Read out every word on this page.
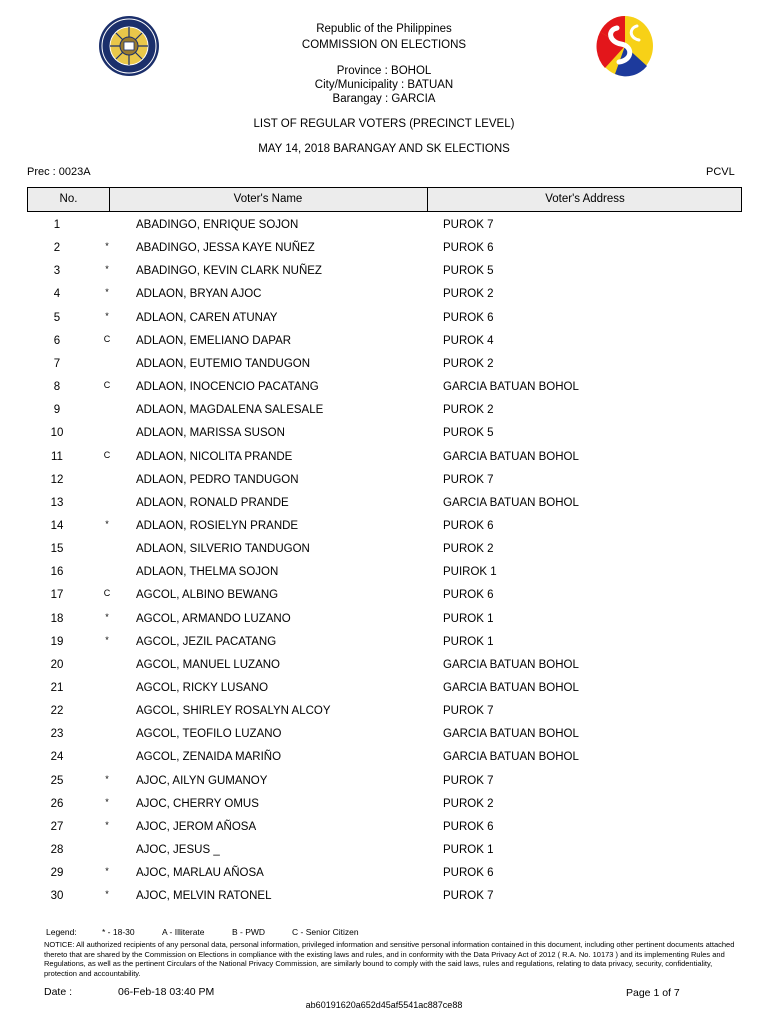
Republic of the Philippines
COMMISSION ON ELECTIONS
Province : BOHOL
City/Municipality : BATUAN
Barangay : GARCIA
LIST OF REGULAR VOTERS (PRECINCT LEVEL)
MAY 14, 2018 BARANGAY AND SK ELECTIONS
Prec : 0023A	PCVL
No.	Voter's Name	Voter's Address
1	ABADINGO, ENRIQUE SOJON	PUROK 7
2	*	ABADINGO, JESSA KAYE NUÑEZ	PUROK 6
3	*	ABADINGO, KEVIN CLARK NUÑEZ	PUROK 5
4	*	ADLAON, BRYAN AJOC	PUROK 2
5	*	ADLAON, CAREN ATUNAY	PUROK 6
6	C	ADLAON, EMELIANO DAPAR	PUROK 4
7	ADLAON, EUTEMIO TANDUGON	PUROK 2
8	C	ADLAON, INOCENCIO PACATANG	GARCIA BATUAN BOHOL
9	ADLAON, MAGDALENA SALESALE	PUROK 2
10	ADLAON, MARISSA SUSON	PUROK 5
11	C	ADLAON, NICOLITA PRANDE	GARCIA BATUAN BOHOL
12	ADLAON, PEDRO TANDUGON	PUROK 7
13	ADLAON, RONALD PRANDE	GARCIA BATUAN BOHOL
14	*	ADLAON, ROSIELYN PRANDE	PUROK 6
15	ADLAON, SILVERIO TANDUGON	PUROK 2
16	ADLAON, THELMA SOJON	PUIROK 1
17	C	AGCOL, ALBINO BEWANG	PUROK 6
18	*	AGCOL, ARMANDO LUZANO	PUROK 1
19	*	AGCOL, JEZIL PACATANG	PUROK 1
20	AGCOL, MANUEL LUZANO	GARCIA BATUAN BOHOL
21	AGCOL, RICKY LUSANO	GARCIA BATUAN BOHOL
22	AGCOL, SHIRLEY ROSALYN ALCOY	PUROK 7
23	AGCOL, TEOFILO LUZANO	GARCIA BATUAN BOHOL
24	AGCOL, ZENAIDA MARIÑO	GARCIA BATUAN BOHOL
25	*	AJOC, AILYN GUMANOY	PUROK 7
26	*	AJOC, CHERRY OMUS	PUROK 2
27	*	AJOC, JEROM AÑOSA	PUROK 6
28	AJOC, JESUS _	PUROK 1
29	*	AJOC, MARLAU AÑOSA	PUROK 6
30	*	AJOC, MELVIN RATONEL	PUROK 7
Legend:	* - 18-30	A - Illiterate	B - PWD	C - Senior Citizen
NOTICE: All authorized recipients of any personal data, personal information, privileged information and sensitive personal information contained in this document, including other pertinent documents attached thereto that are shared by the Commission on Elections in compliance with the existing laws and rules, and in conformity with the Data Privacy Act of 2012 ( R.A. No. 10173 ) and its implementing Rules and Regulations, as well as the pertinent Circulars of the National Privacy Commission, are similarly bound to comply with the said laws, rules and regulations, relating to data privacy, security, confidentiality, protection and accountability.
Date :	06-Feb-18 03:40 PM	Page 1 of 7
ab60191620a652d45af5541ac887ce88
